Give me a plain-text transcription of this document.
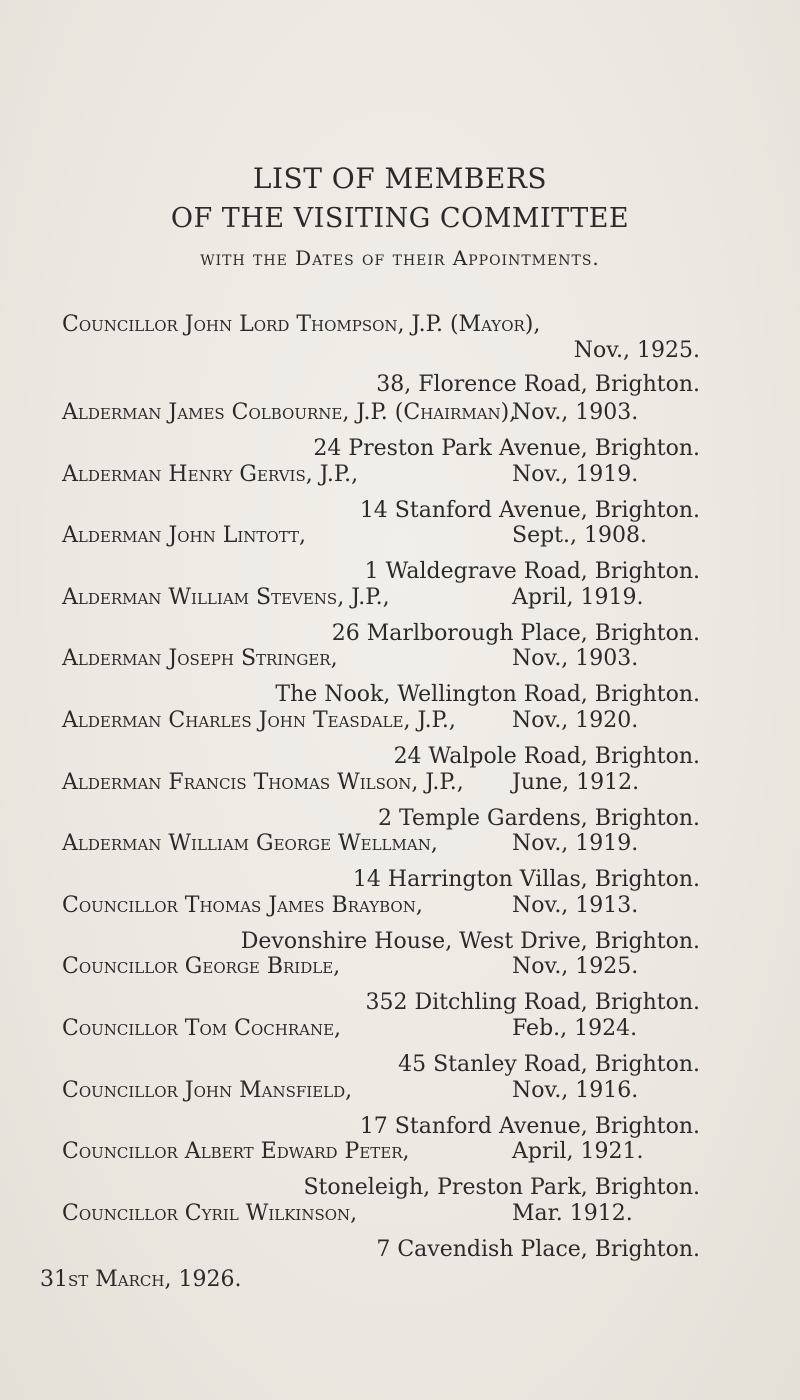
LIST OF MEMBERS
OF THE VISITING COMMITTEE
with the Dates of their Appointments.
Councillor John Lord Thompson, J.P. (Mayor),
Nov., 1925.
38, Florence Road, Brighton.
Alderman James Colbourne, J.P. (Chairman),
Nov., 1903.
24 Preston Park Avenue, Brighton.
Alderman Henry Gervis, J.P.,	Nov., 1919.
14 Stanford Avenue, Brighton.
Alderman John Lintott,	Sept., 1908.
1 Waldegrave Road, Brighton.
Alderman William Stevens, J.P.,	April, 1919.
26 Marlborough Place, Brighton.
Alderman Joseph Stringer,	Nov., 1903.
The Nook, Wellington Road, Brighton.
Alderman Charles John Teasdale, J.P.,	Nov., 1920.
24 Walpole Road, Brighton.
Alderman Francis Thomas Wilson, J.P., June, 1912.
2 Temple Gardens, Brighton.
Alderman William George Wellman,	Nov., 1919.
14 Harrington Villas, Brighton.
Councillor Thomas James Braybon,	Nov., 1913.
Devonshire House, West Drive, Brighton.
Councillor George Bridle,	Nov., 1925.
352 Ditchling Road, Brighton.
Councillor Tom Cochrane,	Feb., 1924.
45 Stanley Road, Brighton.
Councillor John Mansfield,	Nov., 1916.
17 Stanford Avenue, Brighton.
Councillor Albert Edward Peter,	April, 1921.
Stoneleigh, Preston Park, Brighton.
Councillor Cyril Wilkinson,	Mar. 1912.
7 Cavendish Place, Brighton.
31st March, 1926.
